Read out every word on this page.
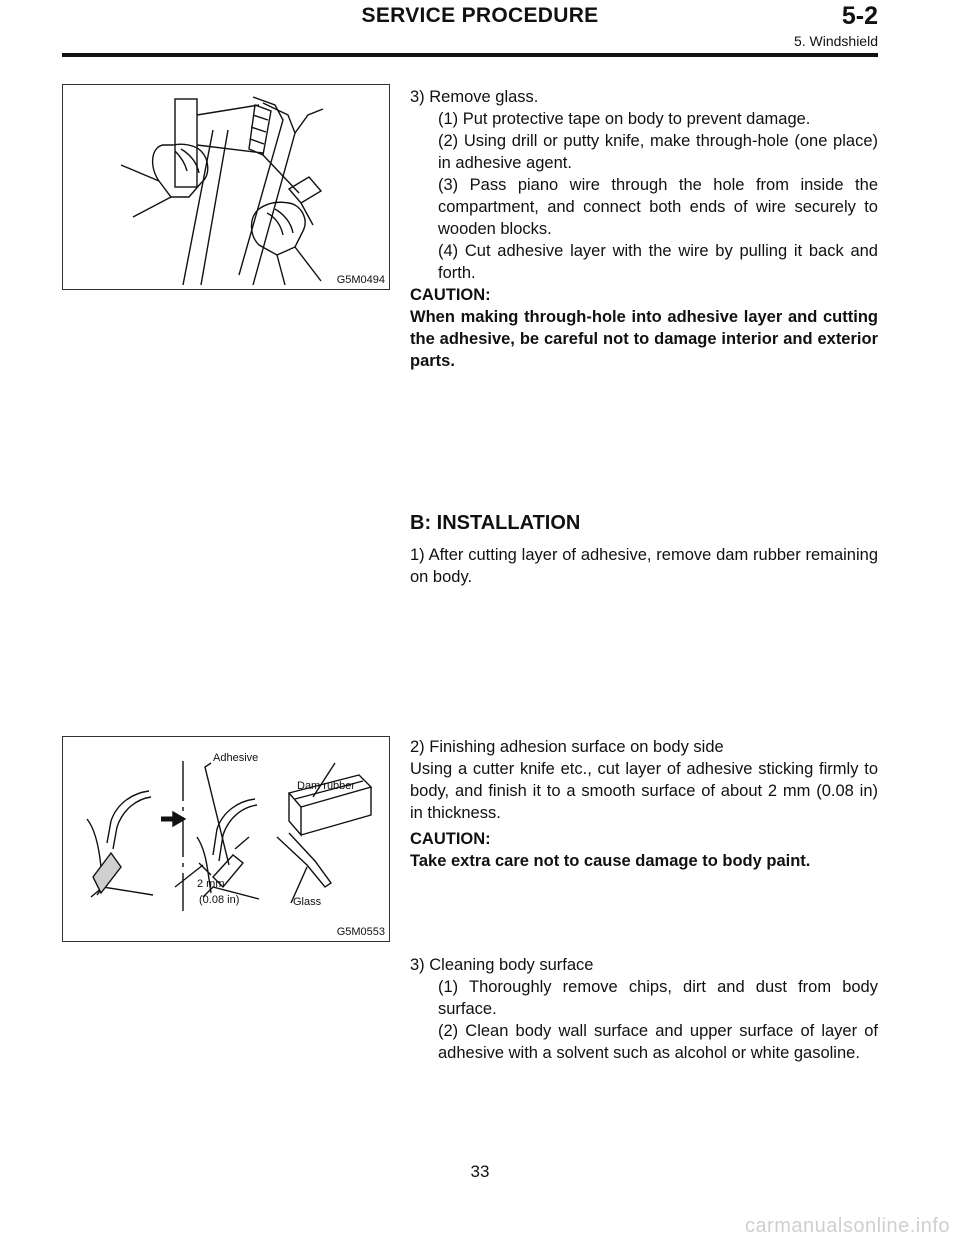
SERVICE PROCEDURE	5-2
5. Windshield
G5M0494

3) Remove glass.

(1) Put protective tape on body to prevent damage.

(2) Using drill or putty knife, make through-hole (one place) in adhesive agent.

(3) Pass piano wire through the hole from inside the compartment, and connect both ends of wire securely to wooden blocks.

(4) Cut adhesive layer with the wire by pulling it back and forth.

CAUTION:

When making through-hole into adhesive layer and cutting the adhesive, be careful not to damage interior and exterior parts.

B: INSTALLATION

1) After cutting layer of adhesive, remove dam rubber remaining on body.

Adhesive
Dam rubber
2 mm
(0.08 in)	Glass
G5M0553

2) Finishing adhesion surface on body side

Using a cutter knife etc., cut layer of adhesive sticking firmly to body, and finish it to a smooth surface of about 2 mm (0.08 in) in thickness.

CAUTION:

Take extra care not to cause damage to body paint.

3) Cleaning body surface

(1) Thoroughly remove chips, dirt and dust from body surface.

(2) Clean body wall surface and upper surface of layer of adhesive with a solvent such as alcohol or white gasoline.

33
carmanualsonline.info
